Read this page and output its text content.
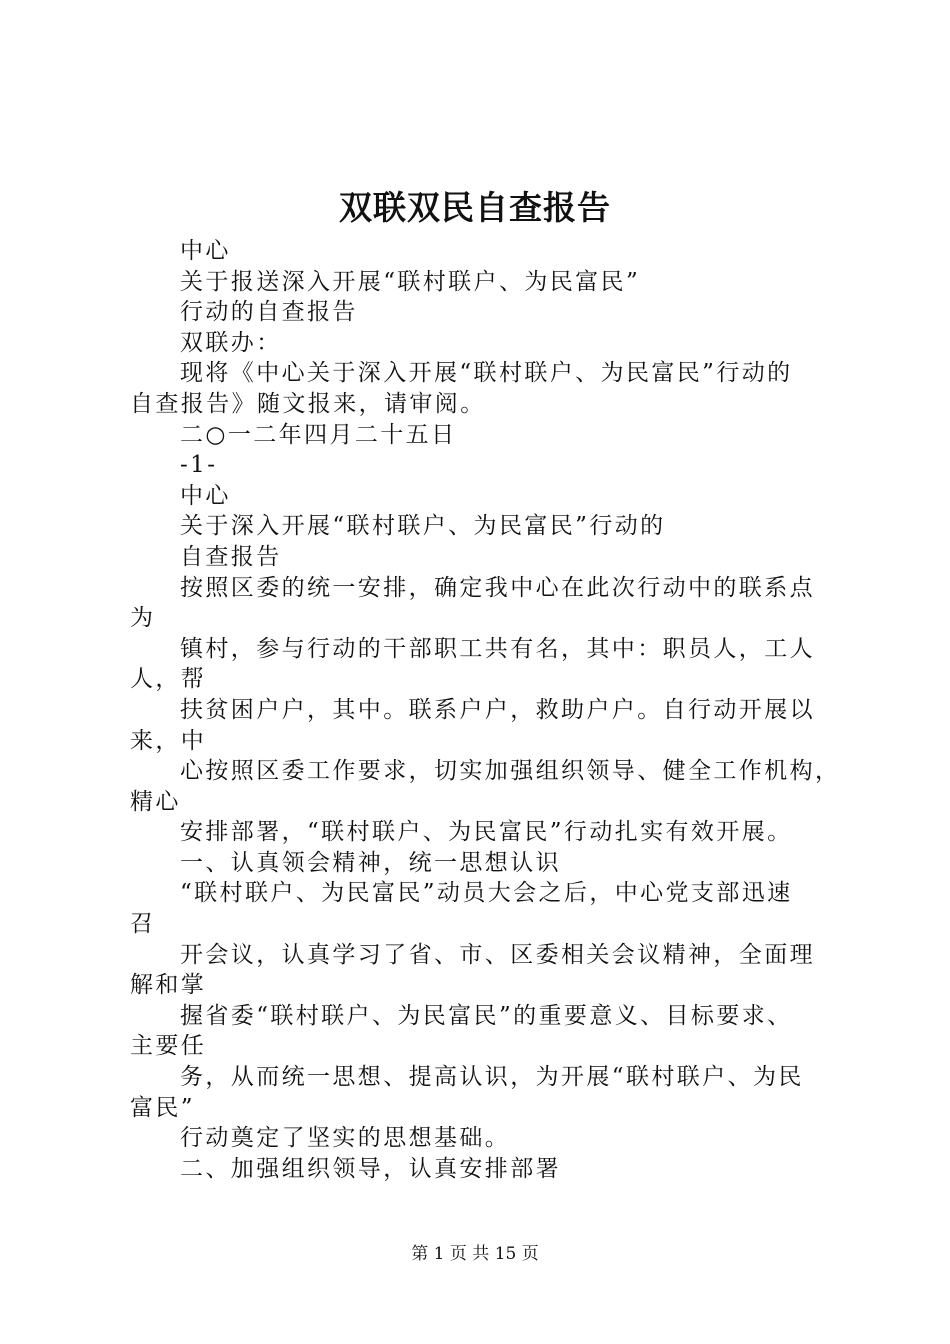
双联双民自查报告
中心
关于报送深入开展“联村联户、为民富民”
行动的自查报告
双联办：
现将《中心关于深入开展“联村联户、为民富民”行动的
自查报告》随文报来，请审阅。
二○一二年四月二十五日
-1-
中心
关于深入开展“联村联户、为民富民”行动的
自查报告
按照区委的统一安排，确定我中心在此次行动中的联系点
为
镇村，参与行动的干部职工共有名，其中：职员人，工人
人，帮
扶贫困户户，其中。联系户户，救助户户。自行动开展以
来，中
心按照区委工作要求，切实加强组织领导、健全工作机构，
精心
安排部署，“联村联户、为民富民”行动扎实有效开展。
一、认真领会精神，统一思想认识
“联村联户、为民富民”动员大会之后，中心党支部迅速
召
开会议，认真学习了省、市、区委相关会议精神，全面理
解和掌
握省委“联村联户、为民富民”的重要意义、目标要求、
主要任
务，从而统一思想、提高认识，为开展“联村联户、为民
富民”
行动奠定了坚实的思想基础。
二、加强组织领导，认真安排部署
第 1 页 共 15 页
